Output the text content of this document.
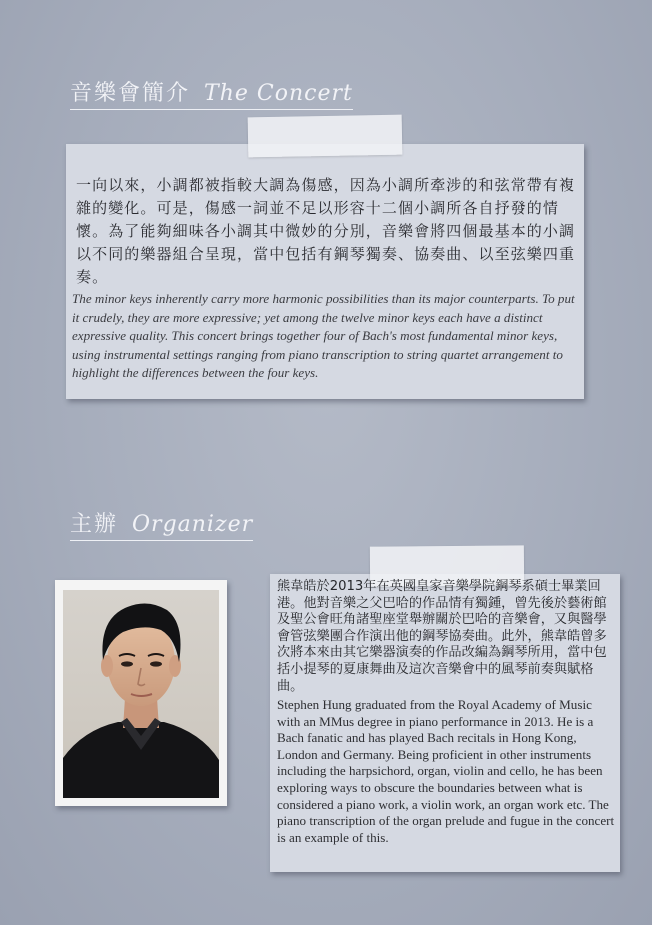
音樂會簡介 The Concert

一向以來，小調都被指較大調為傷感，因為小調所牽涉的和弦常帶有複雜的變化。可是，傷感一詞並不足以形容十二個小調所各自抒發的情懷。為了能夠細味各小調其中微妙的分別，音樂會將四個最基本的小調以不同的樂器組合呈現，當中包括有鋼琴獨奏、協奏曲、以至弦樂四重奏。

The minor keys inherently carry more harmonic possibilities than its major counterparts. To put it crudely, they are more expressive; yet among the twelve minor keys each have a distinct expressive quality. This concert brings together four of Bach's most fundamental minor keys, using instrumental settings ranging from piano transcription to string quartet arrangement to highlight the differences between the four keys.

主辦 Organizer

熊韋皓於2013年在英國皇家音樂學院鋼琴系碩士畢業回港。他對音樂之父巴哈的作品情有獨鍾，曾先後於藝術館及聖公會旺角諸聖座堂舉辦關於巴哈的音樂會，又與醫學會管弦樂團合作演出他的鋼琴協奏曲。此外，熊韋皓曾多次將本來由其它樂器演奏的作品改編為鋼琴所用，當中包括小提琴的夏康舞曲及這次音樂會中的風琴前奏與賦格曲。

Stephen Hung graduated from the Royal Academy of Music with an MMus degree in piano performance in 2013. He is a Bach fanatic and has played Bach recitals in Hong Kong, London and Germany. Being proficient in other instruments including the harpsichord, organ, violin and cello, he has been exploring ways to obscure the boundaries between what is considered a piano work, a violin work, an organ work etc. The piano transcription of the organ prelude and fugue in the concert is an example of this.
